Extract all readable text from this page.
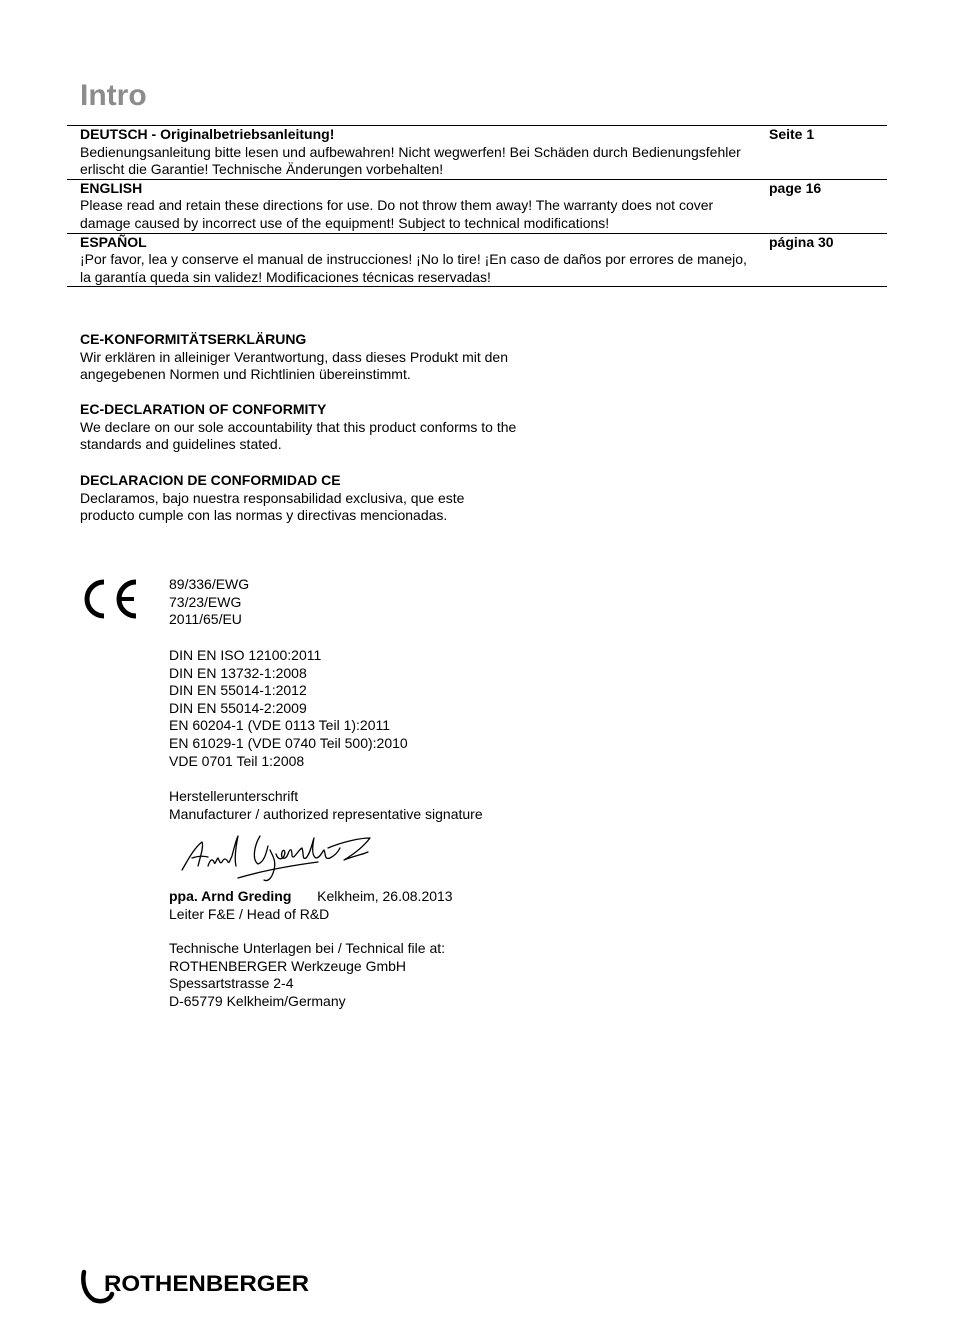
Intro
DEUTSCH - Originalbetriebsanleitung!	Seite 1
Bedienungsanleitung bitte lesen und aufbewahren! Nicht wegwerfen! Bei Schäden durch Bedienungsfehler erlischt die Garantie! Technische Änderungen vorbehalten!
ENGLISH	page 16
Please read and retain these directions for use. Do not throw them away! The warranty does not cover damage caused by incorrect use of the equipment! Subject to technical modifications!
ESPAÑOL	página 30
¡Por favor, lea y conserve el manual de instrucciones! ¡No lo tire! ¡En caso de daños por errores de manejo, la garantía queda sin validez! Modificaciones técnicas reservadas!
CE-KONFORMITÄTSERKLÄRUNG
Wir erklären in alleiniger Verantwortung, dass dieses Produkt mit den angegebenen Normen und Richtlinien übereinstimmt.
EC-DECLARATION OF CONFORMITY
We declare on our sole accountability that this product conforms to the standards and guidelines stated.
DECLARACION DE CONFORMIDAD CE
Declaramos, bajo nuestra responsabilidad exclusiva, que este producto cumple con las normas y directivas mencionadas.
89/336/EWG
73/23/EWG
2011/65/EU
DIN EN ISO 12100:2011
DIN EN 13732-1:2008
DIN EN 55014-1:2012
DIN EN 55014-2:2009
EN 60204-1 (VDE 0113 Teil 1):2011
EN 61029-1 (VDE 0740 Teil 500):2010
VDE 0701 Teil 1:2008
Herstellerunterschrift
Manufacturer / authorized representative signature
ppa. Arnd Greding Kelkheim, 26.08.2013
Leiter F&E / Head of R&D
Technische Unterlagen bei / Technical file at:
ROTHENBERGER Werkzeuge GmbH
Spessartstrasse 2-4
D-65779 Kelkheim/Germany
ROTHENBERGER
